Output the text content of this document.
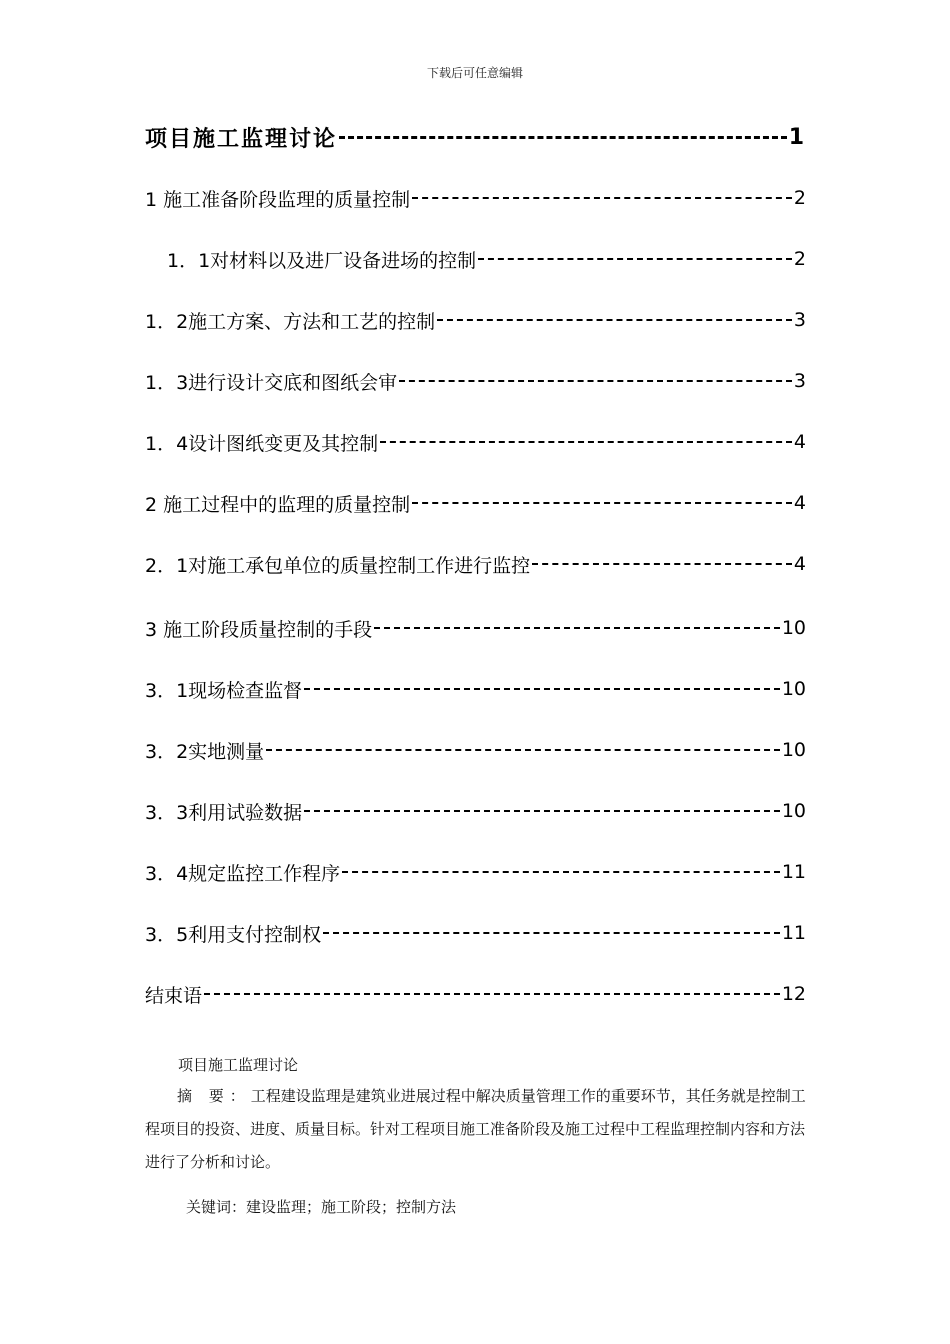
下载后可任意编辑
项目施工监理讨论	1
1 施工准备阶段监理的质量控制	2
1．1对材料以及进厂设备进场的控制	2
1．2施工方案、方法和工艺的控制	3
1．3进行设计交底和图纸会审	3
1．4设计图纸变更及其控制	4
2 施工过程中的监理的质量控制	4
2．1对施工承包单位的质量控制工作进行监控	4
3 施工阶段质量控制的手段	10
3．1现场检查监督	10
3．2实地测量	10
3．3利用试验数据	10
3．4规定监控工作程序	11
3．5利用支付控制权	11
结束语	12
项目施工监理讨论
摘 要：工程建设监理是建筑业进展过程中解决质量管理工作的重要环节，其任务就是控制工程项目的投资、进度、质量目标。针对工程项目施工准备阶段及施工过程中工程监理控制内容和方法进行了分析和讨论。
关键词：建设监理；施工阶段；控制方法
